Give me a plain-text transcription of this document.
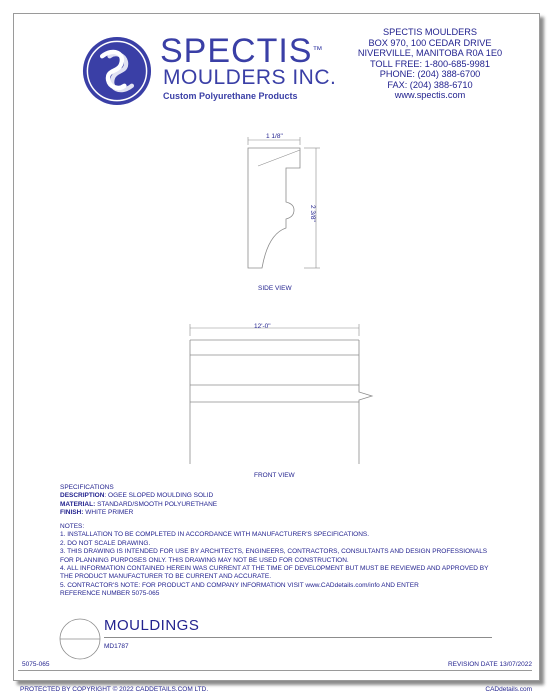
SPECTIS™
MOULDERS INC.
Custom Polyurethane Products
SPECTIS MOULDERS
BOX 970, 100 CEDAR DRIVE
NIVERVILLE, MANITOBA R0A 1E0
TOLL FREE: 1-800-685-9981
PHONE: (204) 388-6700
FAX: (204) 388-6710
www.spectis.com
1 1/8"
2 3/8"
SIDE VIEW
12'-0"
FRONT VIEW
SPECIFICATIONS
DESCRIPTION: OGEE SLOPED MOULDING SOLID
MATERIAL: STANDARD/SMOOTH POLYURETHANE
FINISH: WHITE PRIMER
NOTES:
1. INSTALLATION TO BE COMPLETED IN ACCORDANCE WITH MANUFACTURER'S SPECIFICATIONS.
2. DO NOT SCALE DRAWING.
3. THIS DRAWING IS INTENDED FOR USE BY ARCHITECTS, ENGINEERS, CONTRACTORS, CONSULTANTS AND DESIGN PROFESSIONALS
FOR PLANNING PURPOSES ONLY. THIS DRAWING MAY NOT BE USED FOR CONSTRUCTION.
4. ALL INFORMATION CONTAINED HEREIN WAS CURRENT AT THE TIME OF DEVELOPMENT BUT MUST BE REVIEWED AND APPROVED BY
THE PRODUCT MANUFACTURER TO BE CURRENT AND ACCURATE.
5. CONTRACTOR'S NOTE: FOR PRODUCT AND COMPANY INFORMATION VISIT www.CADdetails.com/info AND ENTER
REFERENCE NUMBER 5075-065
MOULDINGS
MD1787
5075-065	REVISION DATE 13/07/2022
PROTECTED BY COPYRIGHT © 2022 CADDETAILS.COM LTD.	CADdetails.com
